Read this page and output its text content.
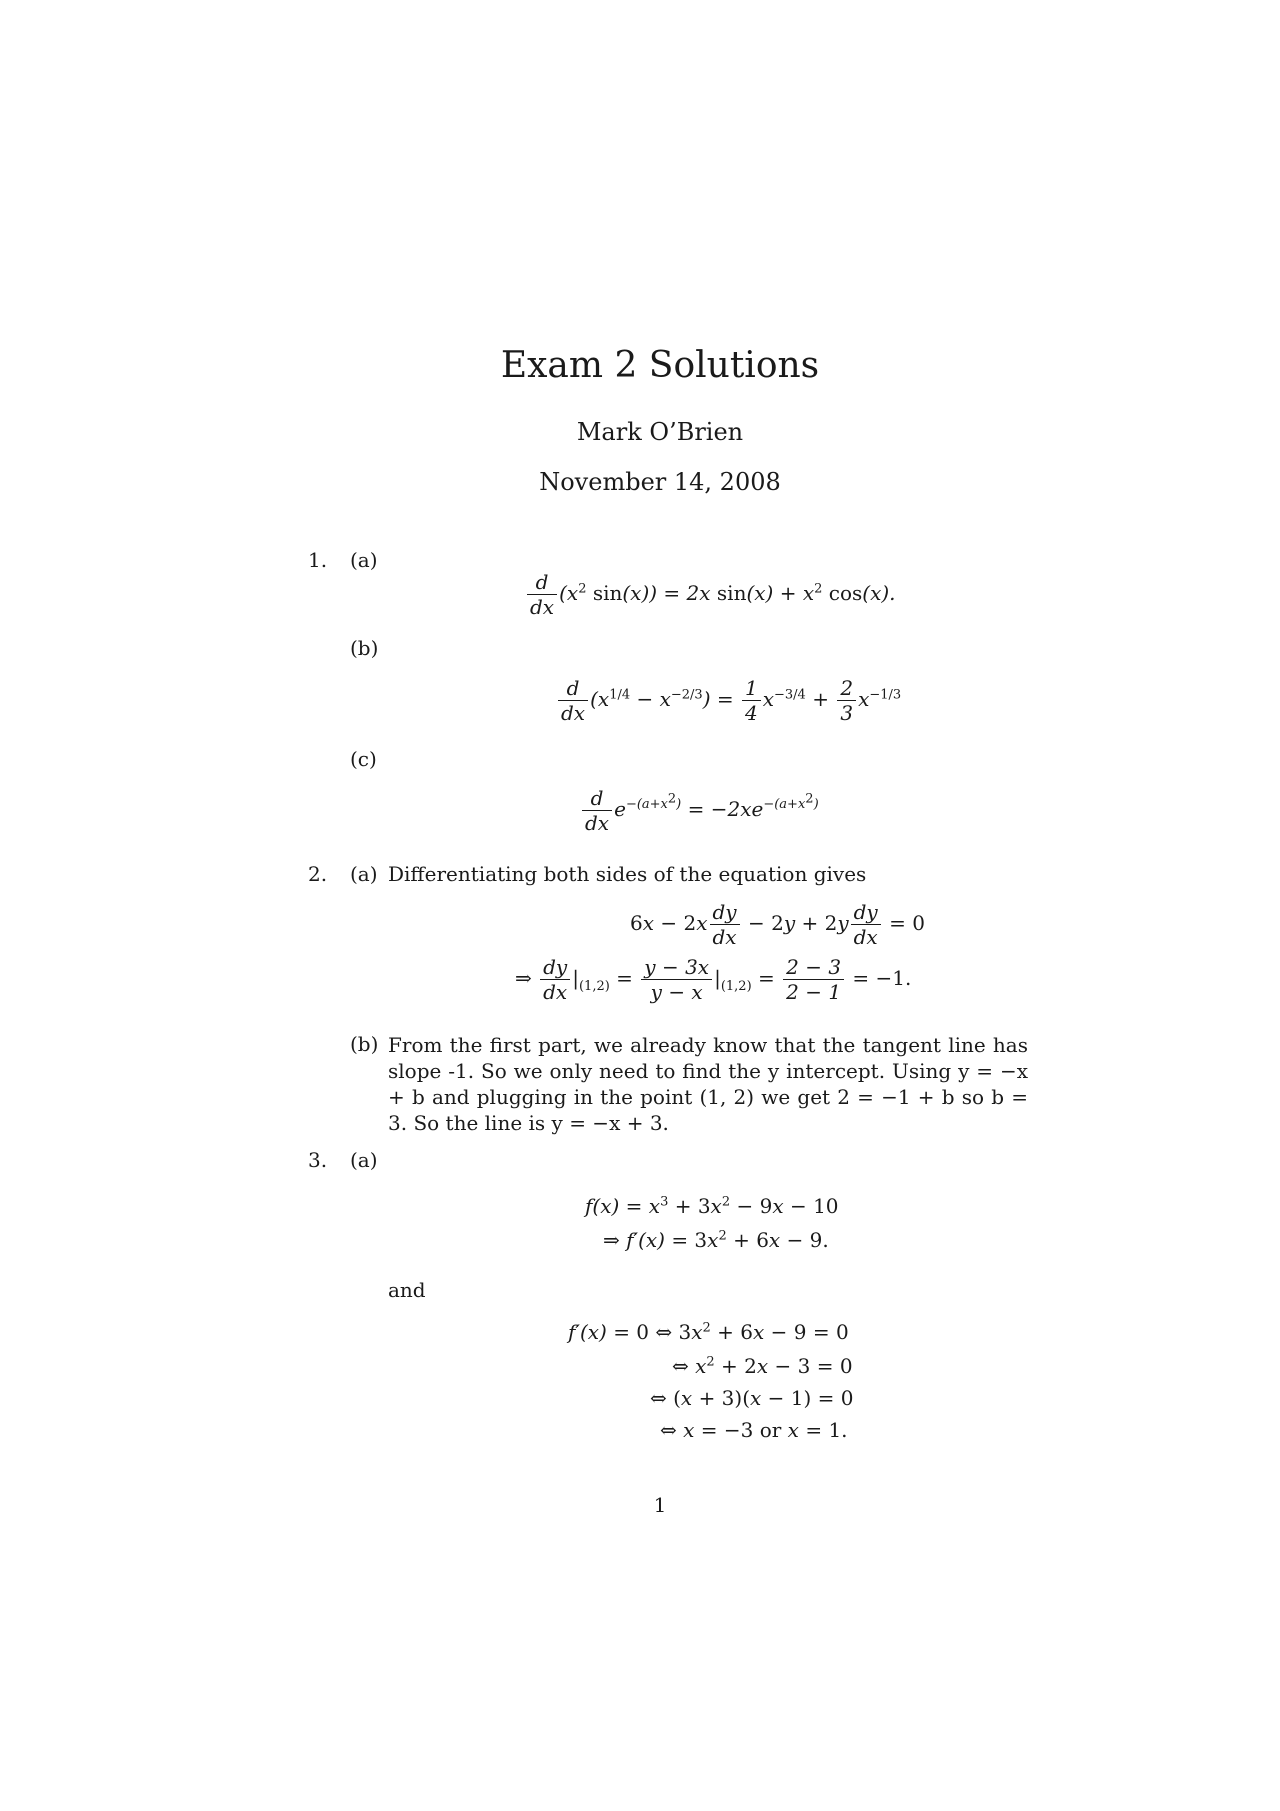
Exam 2 Solutions
Mark O’Brien
November 14, 2008
1. (a)
$\frac{d}{dx} (x^2$ sin(x)) = 2x $\sin(x) + x^2$ cos(x).
(b)
$\frac{d}{dx} (x^{1/4} - x^{-2/3}) = \frac{1}{4} x^{-3/4} + \frac{2}{3} x^{-1/3}$
(c)
$\frac{d}{dx} e^{-(a+x^2)} = -2xe^{-(a+x^2)}$
2. (a) Differentiating both sides of the equation gives
$6x - 2x \frac{dy}{dx} - 2y + 2y \frac{dy}{dx} = 0$
⇒ $\frac{dy}{dx} |_{(1,2)} = \frac{y - 3x}{y - x} |_{(1,2)} = \frac{2 - 3}{2 - 1} = -1$.
(b) From the first part, we already know that the tangent line has slope -1. So we only need to find the y intercept. Using y = −x + b and plugging in the point (1, 2) we get 2 = −1 + b so b = 3. So the line is y = −x + 3.
3. (a)
$f(x) = x^3 + 3x^2 - 9x - 10$
⇒ $f'(x) = 3x^2 + 6x - 9$.
and
f′(x) = 0 ⇔ $3x^2 + 6x - 9 = 0$
⇔ $x^2 + 2x - 3 = 0$
⇔ (x + 3)(x − 1) = 0
⇔ x = −3 or x = 1.
1
